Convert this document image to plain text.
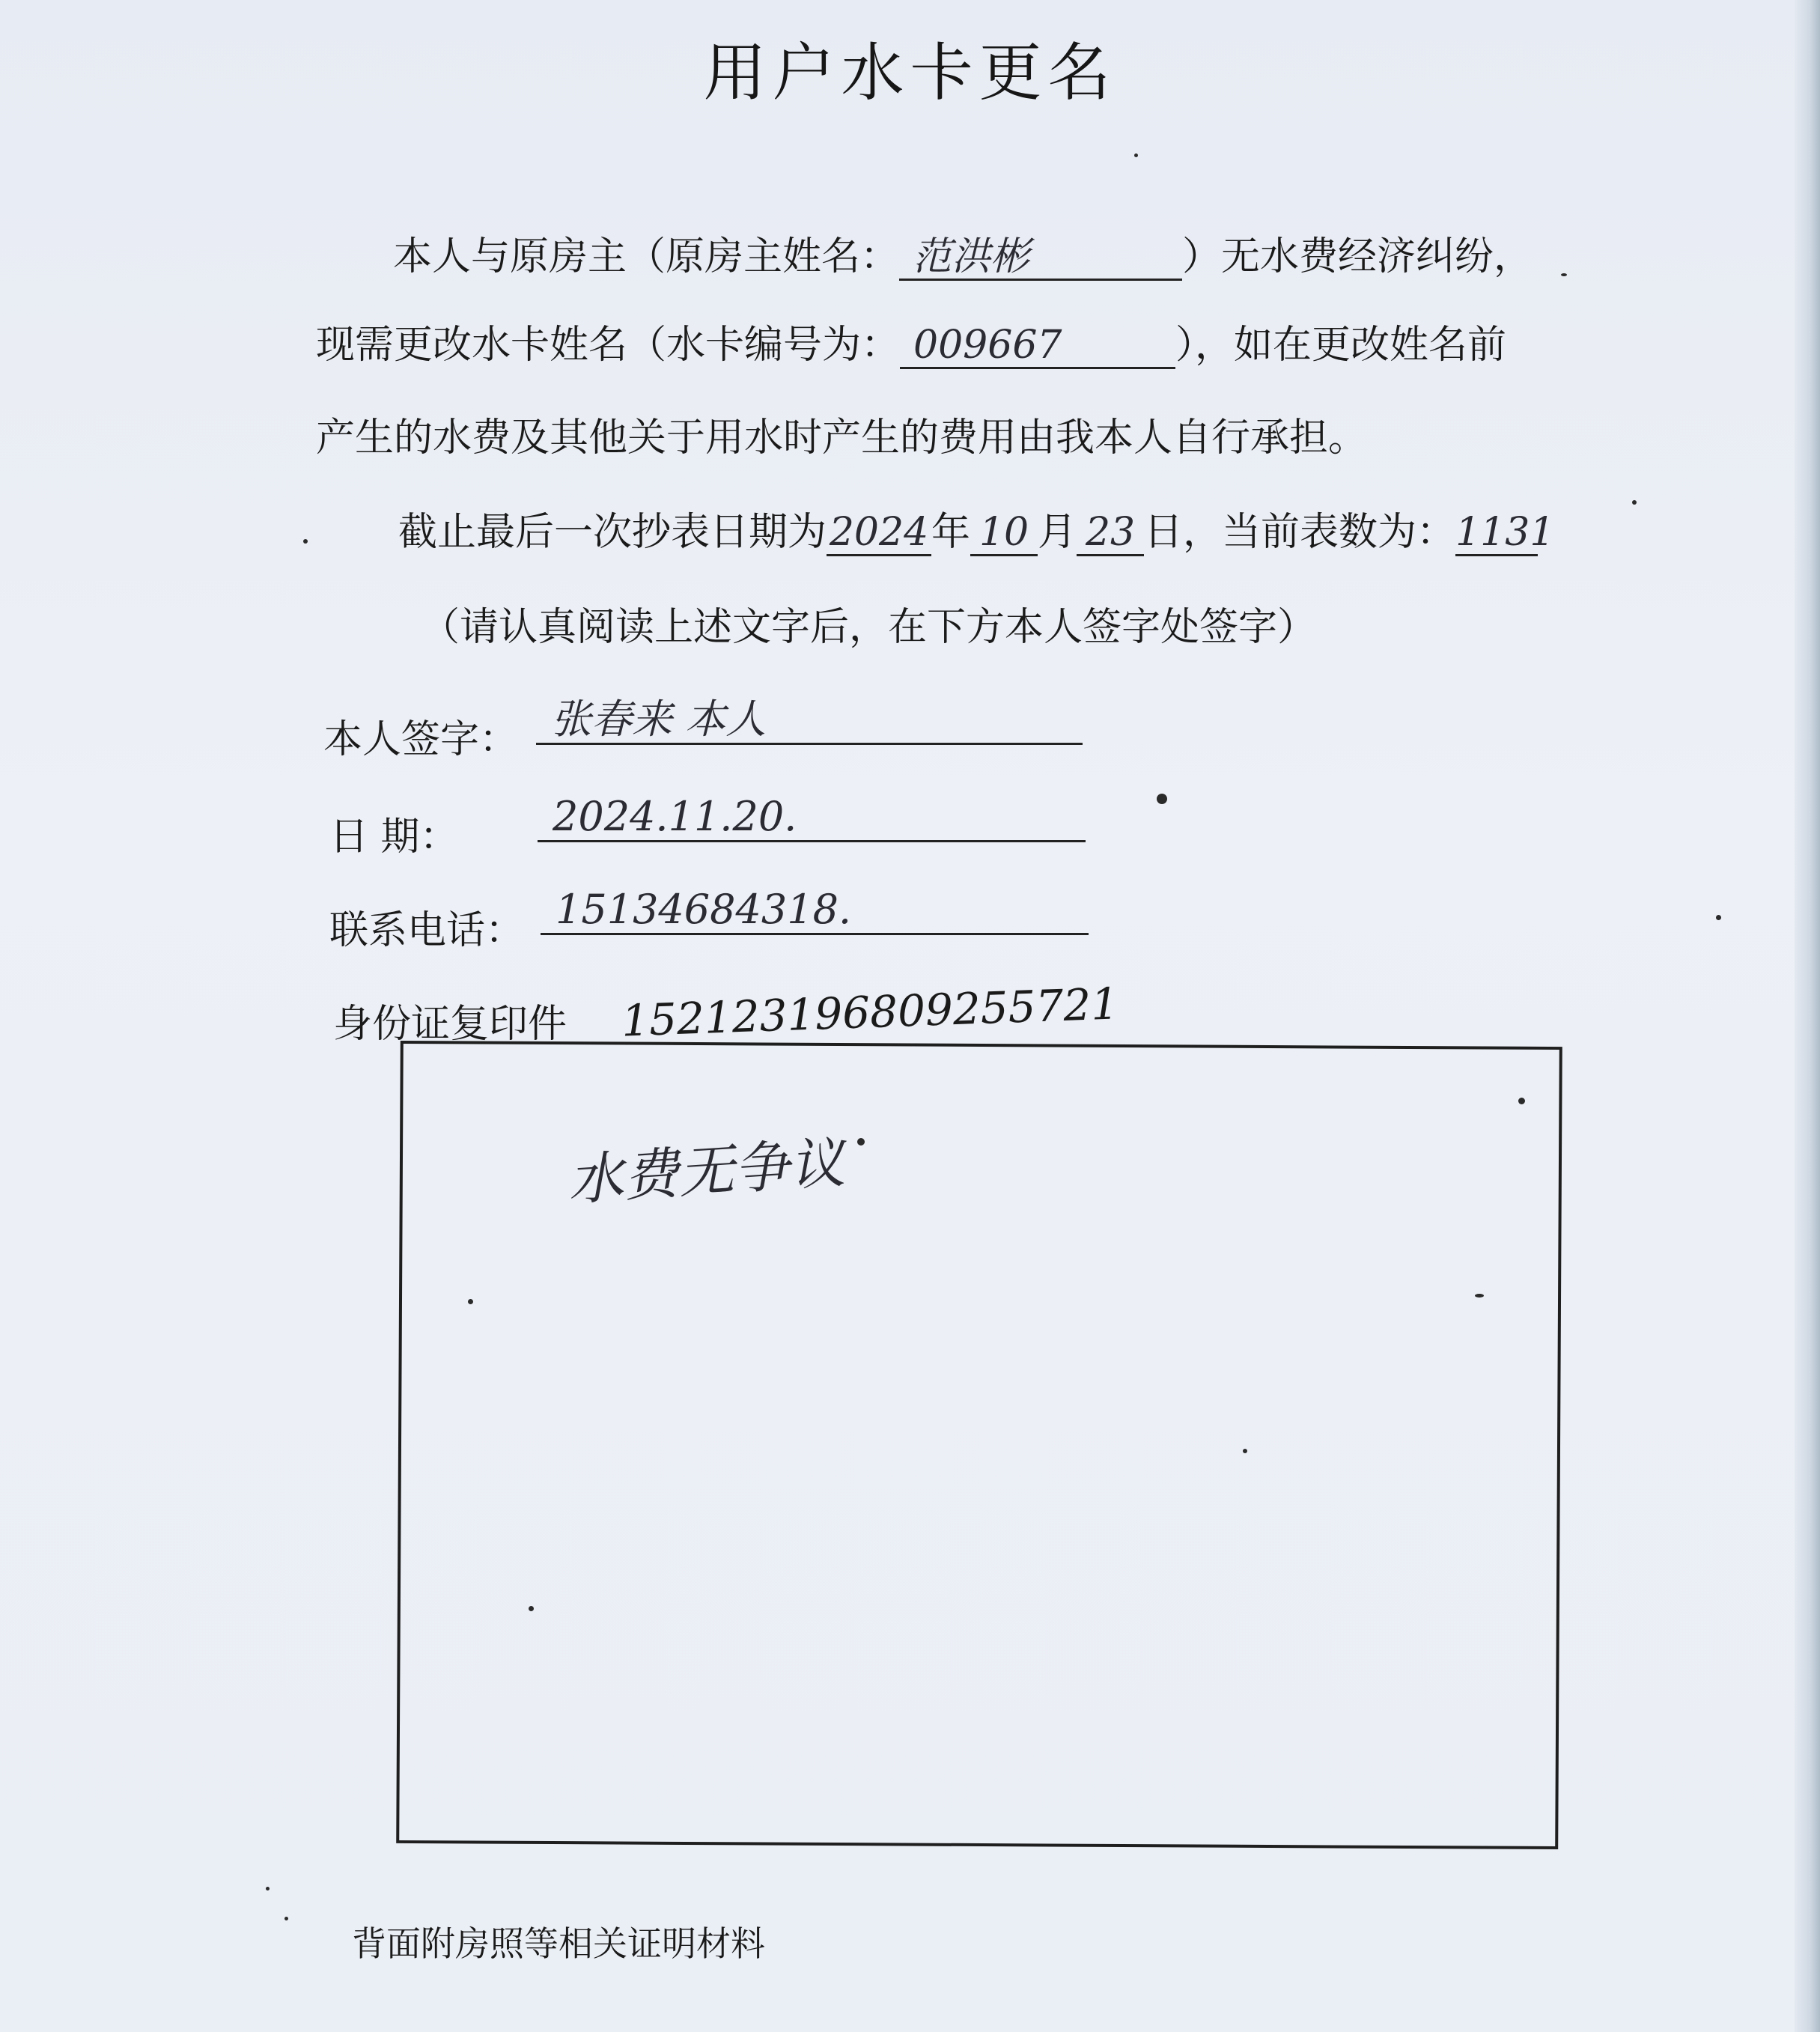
用户水卡更名
本人与原房主（原房主姓名： 范洪彬	）无水费经济纠纷，
现需更改水卡姓名（水卡编号为： 009667	），如在更改姓名前
产生的水费及其他关于用水时产生的费用由我本人自行承担。
截止最后一次抄表日期为2024年 10 月 23 日，当前表数为：1131
（请认真阅读上述文字后，在下方本人签字处签字）
本人签字： 张春来 本人
日 期：	2024.11.20.
联系电话： 15134684318.
身份证复印件 152123196809255721
水费无争议
背面附房照等相关证明材料
